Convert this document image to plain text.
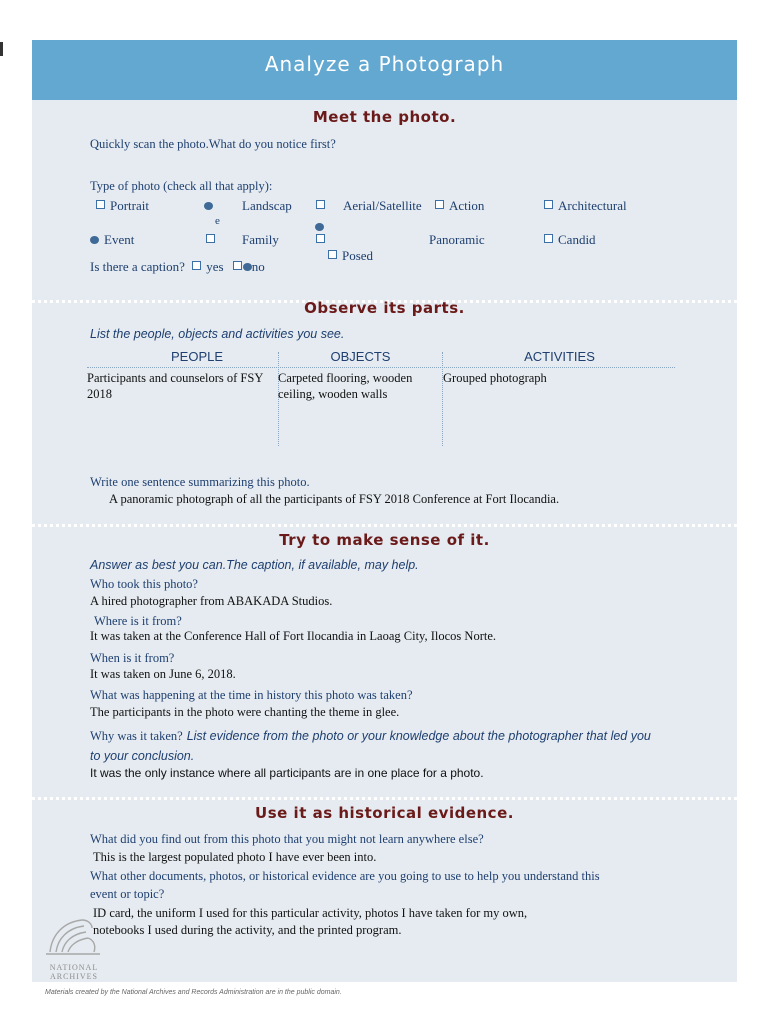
Analyze a Photograph
Meet the photo.
Quickly scan the photo.What do you notice first?
Type of photo (check all that apply):
Portrait	Landscap
e
Aerial/Satellite	Action	Architectural
Event	Family	Panoramic	Candid
Posed
Is there a caption? yes no
Observe its parts.
List the people, objects and activities you see.
PEOPLE	OBJECTS	ACTIVITIES
Participants and counselors of FSY 2018
Carpeted flooring, wooden ceiling, wooden walls
Grouped photograph
Write one sentence summarizing this photo.
A panoramic photograph of all the participants of FSY 2018 Conference at Fort Ilocandia.
Try to make sense of it.
Answer as best you can.The caption, if available, may help.
Who took this photo?
A hired photographer from ABAKADA Studios.
Where is it from?
It was taken at the Conference Hall of Fort Ilocandia in Laoag City, Ilocos Norte.
When is it from?
It was taken on June 6, 2018.
What was happening at the time in history this photo was taken?
The participants in the photo were chanting the theme in glee.
Why was it taken? List evidence from the photo or your knowledge about the photographer that led you
to your conclusion.
It was the only instance where all participants are in one place for a photo.
Use it as historical evidence.
What did you find out from this photo that you might not learn anywhere else?
This is the largest populated photo I have ever been into.
What other documents, photos, or historical evidence are you going to use to help you understand this
event or topic?
ID card, the uniform I used for this particular activity, photos I have taken for my own,
notebooks I used during the activity, and the printed program.
NATIONAL
ARCHIVES
Materials created by the National Archives and Records Administration are in the public domain.
